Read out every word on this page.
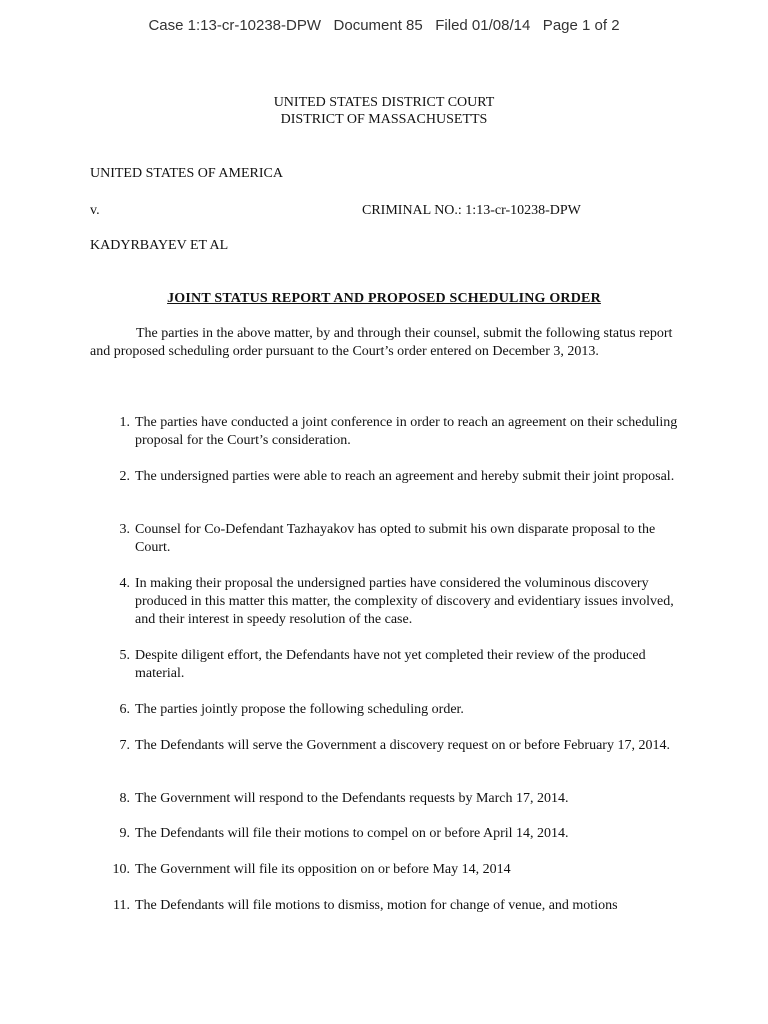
Case 1:13-cr-10238-DPW   Document 85   Filed 01/08/14   Page 1 of 2
UNITED STATES DISTRICT COURT
DISTRICT OF MASSACHUSETTS
UNITED STATES OF AMERICA
v.	CRIMINAL NO.: 1:13-cr-10238-DPW
KADYRBAYEV ET AL
JOINT STATUS REPORT AND PROPOSED SCHEDULING ORDER

The parties in the above matter, by and through their counsel, submit the following status report and proposed scheduling order pursuant to the Court’s order entered on December 3, 2013.

1. The parties have conducted a joint conference in order to reach an agreement on their scheduling proposal for the Court’s consideration.
2. The undersigned parties were able to reach an agreement and hereby submit their joint proposal.
3. Counsel for Co-Defendant Tazhayakov has opted to submit his own disparate proposal to the Court.
4. In making their proposal the undersigned parties have considered the voluminous discovery produced in this matter this matter, the complexity of discovery and evidentiary issues involved, and their interest in speedy resolution of the case.
5. Despite diligent effort, the Defendants have not yet completed their review of the produced material.
6. The parties jointly propose the following scheduling order.
7. The Defendants will serve the Government a discovery request on or before February 17, 2014.
8. The Government will respond to the Defendants requests by March 17, 2014.
9. The Defendants will file their motions to compel on or before April 14, 2014.
10. The Government will file its opposition on or before May 14, 2014
11. The Defendants will file motions to dismiss, motion for change of venue, and motions
